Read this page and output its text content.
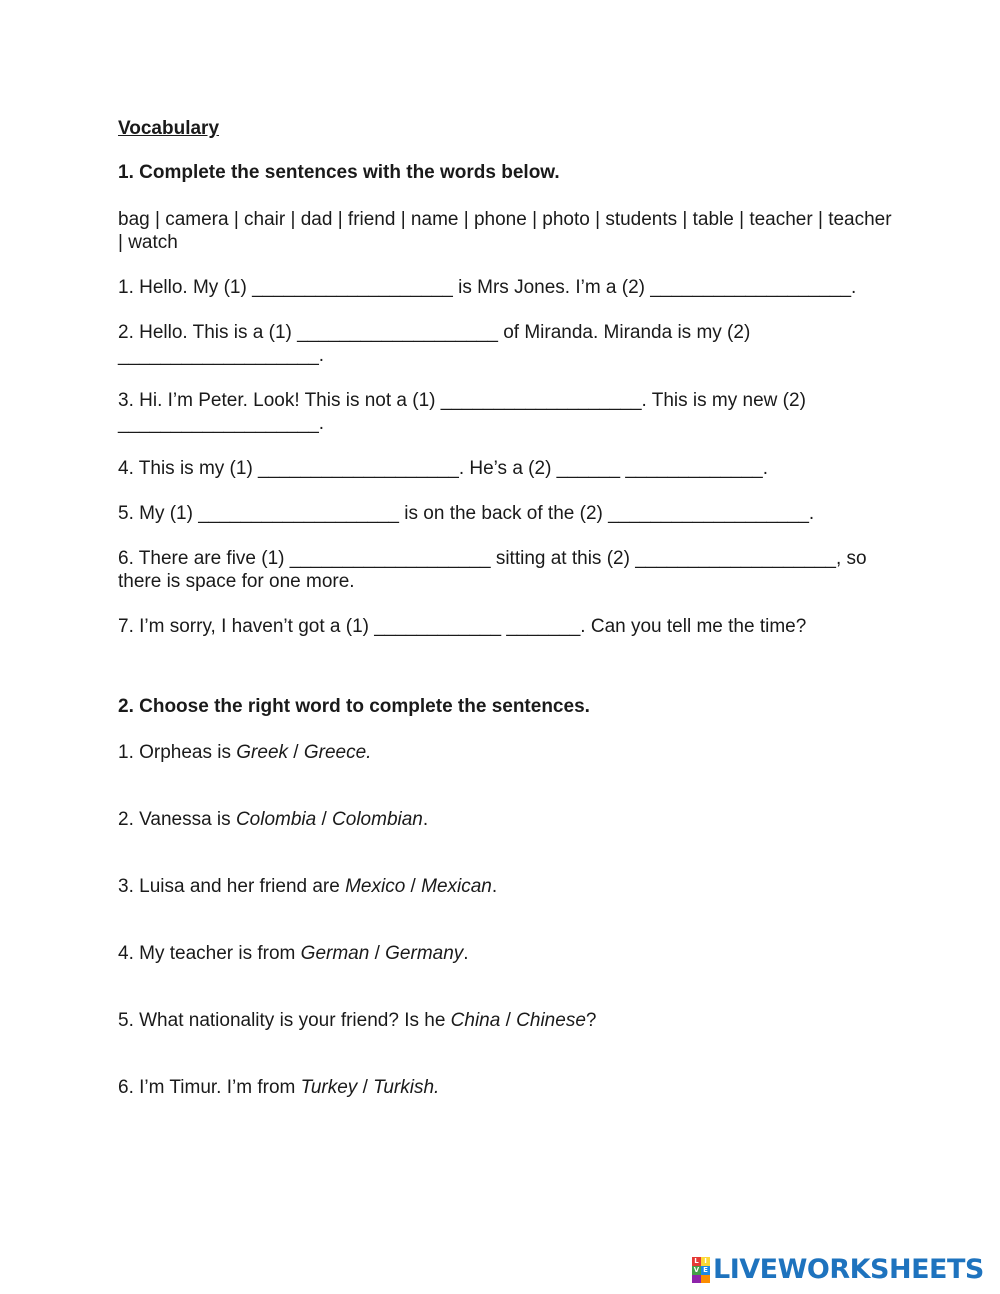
Vocabulary
1. Complete the sentences with the words below.
bag | camera | chair | dad | friend | name | phone | photo | students | table | teacher | teacher | watch
1. Hello. My (1) ___________________ is Mrs Jones. I’m a (2) ___________________.
2. Hello. This is a (1) ___________________ of Miranda. Miranda is my (2) ___________________.
3. Hi. I’m Peter. Look! This is not a (1) ___________________. This is my new (2) ___________________.
4. This is my (1) ___________________. He’s a (2) ______ _____________.
5. My (1) ___________________ is on the back of the (2) ___________________.
6. There are five (1) ___________________ sitting at this (2) ___________________, so there is space for one more.
7. I’m sorry, I haven’t got a (1) ____________ _______. Can you tell me the time?
2. Choose the right word to complete the sentences.
1. Orpheas is Greek / Greece.
2. Vanessa is Colombia / Colombian.
3. Luisa and her friend are Mexico / Mexican.
4. My teacher is from German / Germany.
5. What nationality is your friend? Is he China / Chinese?
6. I’m Timur. I’m from Turkey / Turkish.
L I
V E LIVEWORKSHEETS
